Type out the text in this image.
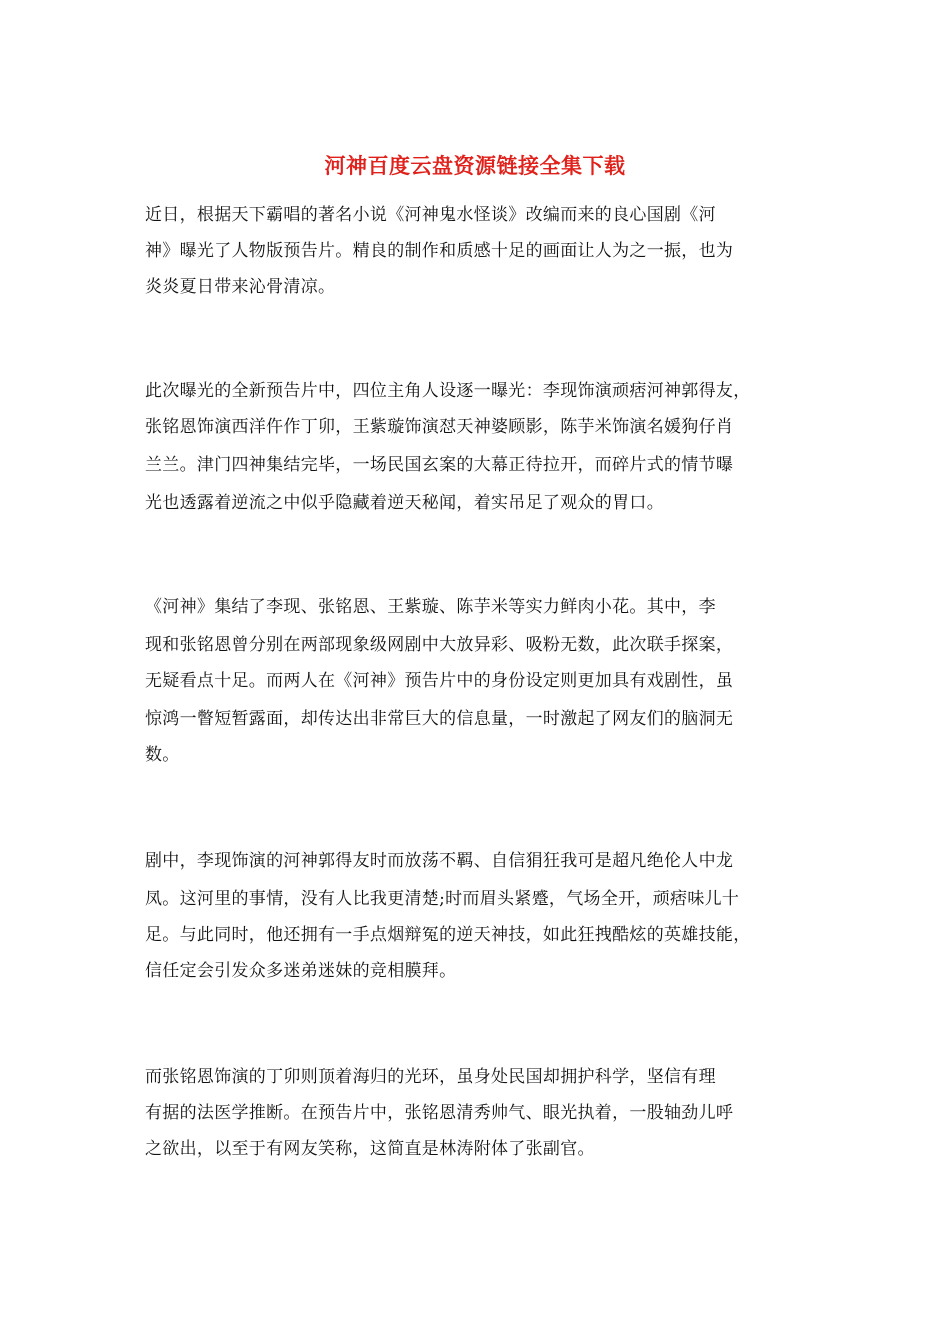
河神百度云盘资源链接全集下载
近日，根据天下霸唱的著名小说《河神鬼水怪谈》改编而来的良心国剧《河
神》曝光了人物版预告片。精良的制作和质感十足的画面让人为之一振，也为
炎炎夏日带来沁骨清凉。
此次曝光的全新预告片中，四位主角人设逐一曝光：李现饰演顽痞河神郭得友，
张铭恩饰演西洋仵作丁卯，王紫璇饰演怼天神婆顾影，陈芋米饰演名媛狗仔肖
兰兰。津门四神集结完毕，一场民国玄案的大幕正待拉开，而碎片式的情节曝
光也透露着逆流之中似乎隐藏着逆天秘闻，着实吊足了观众的胃口。
《河神》集结了李现、张铭恩、王紫璇、陈芋米等实力鲜肉小花。其中，李
现和张铭恩曾分别在两部现象级网剧中大放异彩、吸粉无数，此次联手探案，
无疑看点十足。而两人在《河神》预告片中的身份设定则更加具有戏剧性，虽
惊鸿一瞥短暂露面，却传达出非常巨大的信息量，一时激起了网友们的脑洞无
数。
剧中，李现饰演的河神郭得友时而放荡不羁、自信狷狂我可是超凡绝伦人中龙
凤。这河里的事情，没有人比我更清楚;时而眉头紧蹙，气场全开，顽痞味儿十
足。与此同时，他还拥有一手点烟辩冤的逆天神技，如此狂拽酷炫的英雄技能，
信任定会引发众多迷弟迷妹的竞相膜拜。
而张铭恩饰演的丁卯则顶着海归的光环，虽身处民国却拥护科学，坚信有理
有据的法医学推断。在预告片中，张铭恩清秀帅气、眼光执着，一股轴劲儿呼
之欲出，以至于有网友笑称，这简直是林涛附体了张副官。
